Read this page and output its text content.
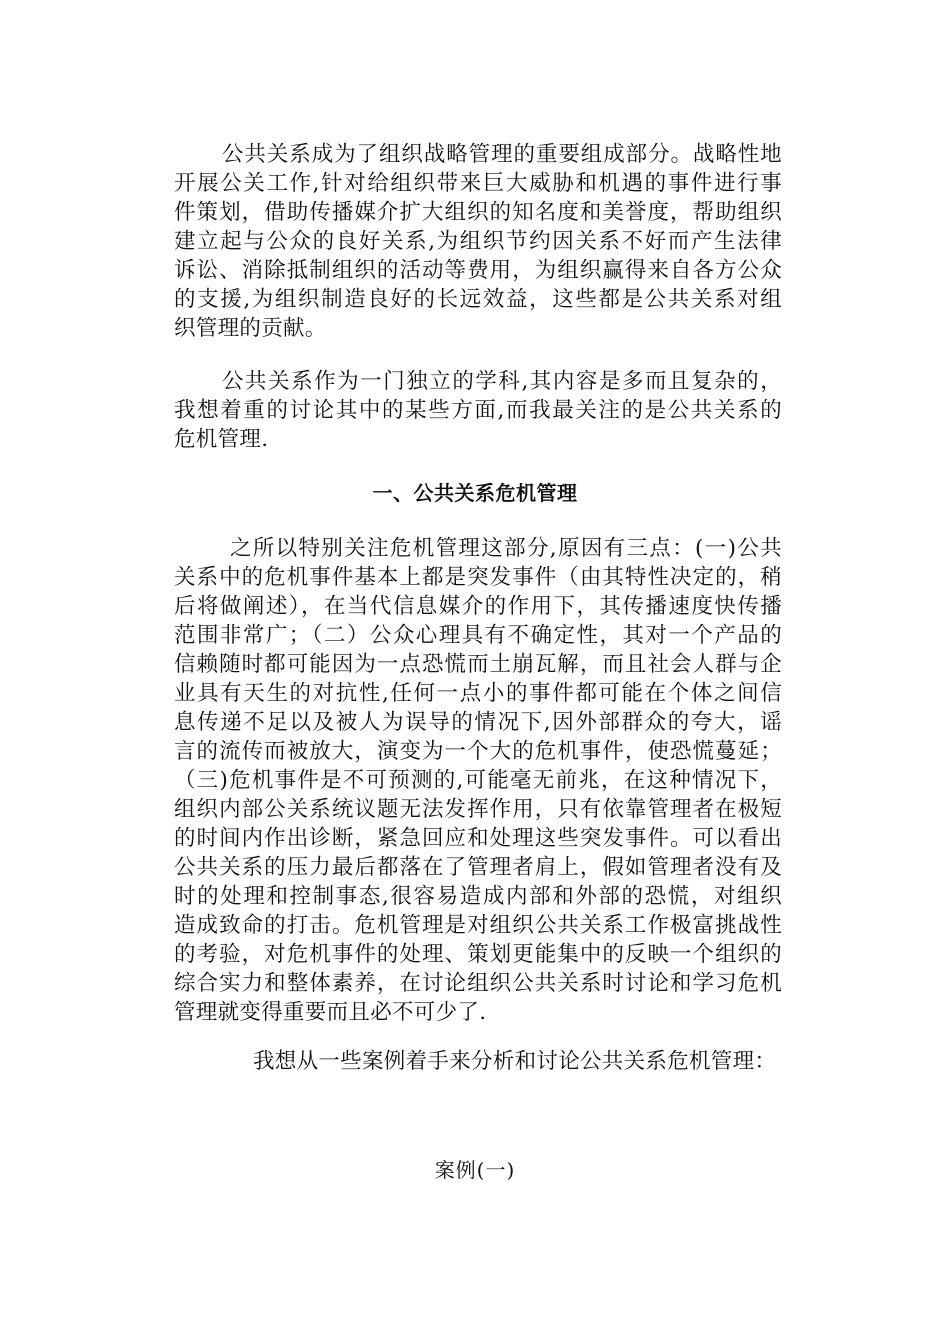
公共关系成为了组织战略管理的重要组成部分。战略性地
开展公关工作,针对给组织带来巨大威胁和机遇的事件进行事
件策划，借助传播媒介扩大组织的知名度和美誉度，帮助组织
建立起与公众的良好关系,为组织节约因关系不好而产生法律
诉讼、消除抵制组织的活动等费用，为组织赢得来自各方公众
的支援,为组织制造良好的长远效益，这些都是公共关系对组
织管理的贡献。
公共关系作为一门独立的学科,其内容是多而且复杂的，
我想着重的讨论其中的某些方面,而我最关注的是公共关系的
危机管理.
一、公共关系危机管理
之所以特别关注危机管理这部分,原因有三点：(一)公共
关系中的危机事件基本上都是突发事件（由其特性决定的，稍
后将做阐述），在当代信息媒介的作用下，其传播速度快传播
范围非常广；（二）公众心理具有不确定性，其对一个产品的
信赖随时都可能因为一点恐慌而土崩瓦解，而且社会人群与企
业具有天生的对抗性,任何一点小的事件都可能在个体之间信
息传递不足以及被人为误导的情况下,因外部群众的夸大，谣
言的流传而被放大，演变为一个大的危机事件，使恐慌蔓延；
（三)危机事件是不可预测的,可能毫无前兆，在这种情况下，
组织内部公关系统议题无法发挥作用，只有依靠管理者在极短
的时间内作出诊断，紧急回应和处理这些突发事件。可以看出
公共关系的压力最后都落在了管理者肩上，假如管理者没有及
时的处理和控制事态,很容易造成内部和外部的恐慌，对组织
造成致命的打击。危机管理是对组织公共关系工作极富挑战性
的考验，对危机事件的处理、策划更能集中的反映一个组织的
综合实力和整体素养，在讨论组织公共关系时讨论和学习危机
管理就变得重要而且必不可少了.
我想从一些案例着手来分析和讨论公共关系危机管理：
案例(一)
